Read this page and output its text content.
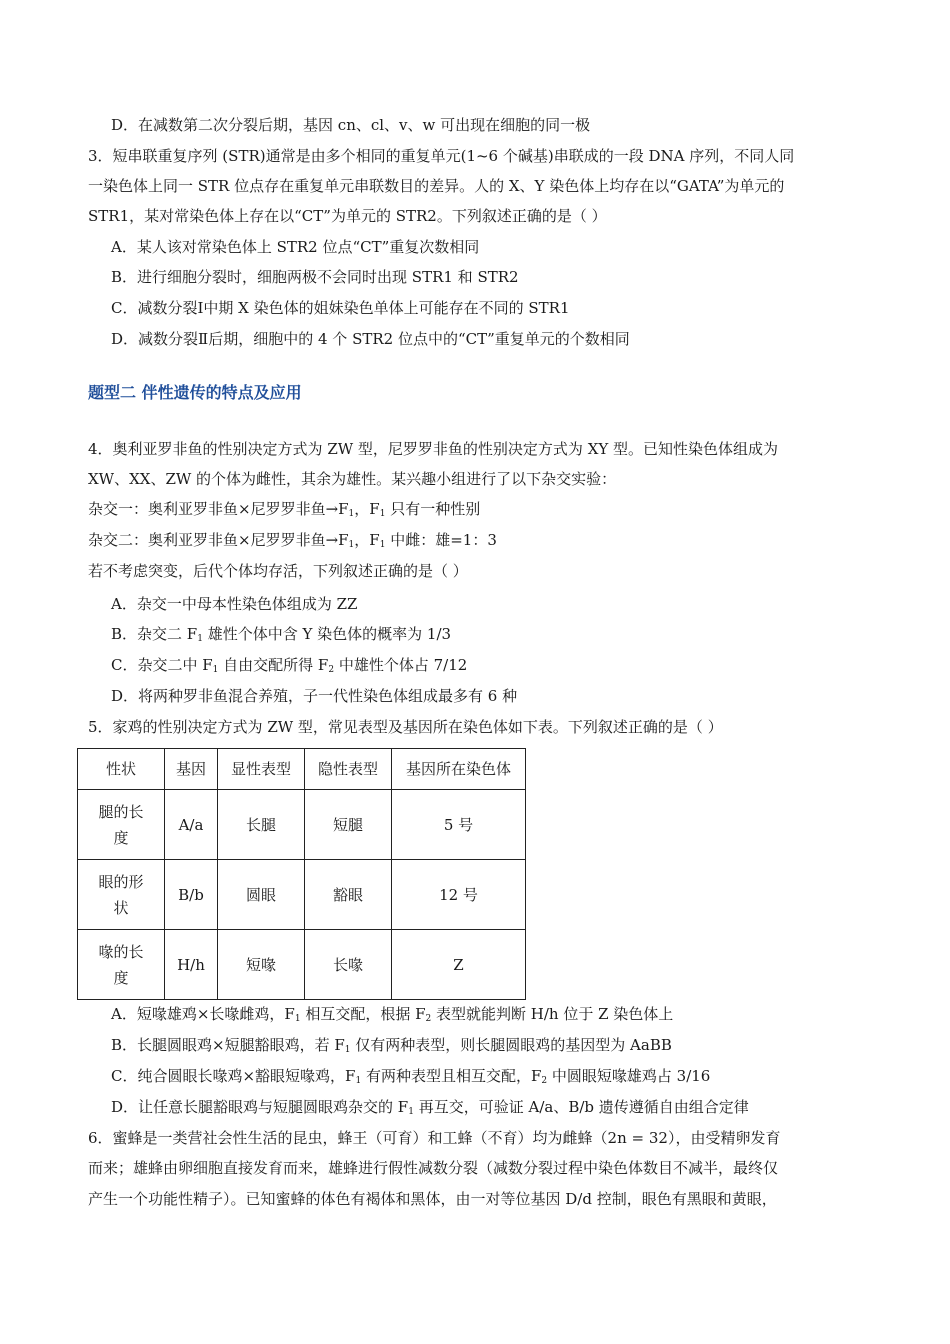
D．在减数第二次分裂后期，基因 cn、cl、v、w 可出现在细胞的同一极
3．短串联重复序列 (STR)通常是由多个相同的重复单元(1~6 个碱基)串联成的一段 DNA 序列，不同人同
一染色体上同一 STR 位点存在重复单元串联数目的差异。人的 X、Y 染色体上均存在以“GATA”为单元的
STR1，某对常染色体上存在以“CT”为单元的 STR2。下列叙述正确的是（ ）
A．某人该对常染色体上 STR2 位点“CT”重复次数相同
B．进行细胞分裂时，细胞两极不会同时出现 STR1 和 STR2
C．减数分裂Ⅰ中期 X 染色体的姐妹染色单体上可能存在不同的 STR1
D．减数分裂Ⅱ后期，细胞中的 4 个 STR2 位点中的“CT”重复单元的个数相同
题型二 伴性遗传的特点及应用
4．奥利亚罗非鱼的性别决定方式为 ZW 型，尼罗罗非鱼的性别决定方式为 XY 型。已知性染色体组成为
XW、XX、ZW 的个体为雌性，其余为雄性。某兴趣小组进行了以下杂交实验：
杂交一：奥利亚罗非鱼×尼罗罗非鱼$\to F_1$，$F_1$ 只有一种性别
杂交二：奥利亚罗非鱼×尼罗罗非鱼$\to F_1$，$F_1$ 中雌：雄=1：3
若不考虑突变，后代个体均存活，下列叙述正确的是（ ）
A．杂交一中母本性染色体组成为 ZZ
B．杂交二 $F_1$ 雄性个体中含 Y 染色体的概率为 1/3
C．杂交二中 $F_1$ 自由交配所得 $F_2$ 中雄性个体占 7/12
D．将两种罗非鱼混合养殖，子一代性染色体组成最多有 6 种
5．家鸡的性别决定方式为 ZW 型，常见表型及基因所在染色体如下表。下列叙述正确的是（ ）
性状	基因	显性表型	隐性表型	基因所在染色体
腿的长
度	A/a	长腿	短腿	5 号
眼的形
状	B/b	圆眼	豁眼	12 号
喙的长
度	H/h	短喙	长喙	Z
A．短喙雄鸡×长喙雌鸡，$F_1$ 相互交配，根据 $F_2$ 表型就能判断 H/h 位于 Z 染色体上
B．长腿圆眼鸡×短腿豁眼鸡，若 $F_1$ 仅有两种表型，则长腿圆眼鸡的基因型为 AaBB
C．纯合圆眼长喙鸡×豁眼短喙鸡，$F_1$ 有两种表型且相互交配，$F_2$ 中圆眼短喙雄鸡占 3/16
D．让任意长腿豁眼鸡与短腿圆眼鸡杂交的 $F_1$ 再互交，可验证 A/a、B/b 遗传遵循自由组合定律
6．蜜蜂是一类营社会性生活的昆虫，蜂王（可育）和工蜂（不育）均为雌蜂（2n = 32），由受精卵发育
而来；雄蜂由卵细胞直接发育而来，雄蜂进行假性减数分裂（减数分裂过程中染色体数目不减半，最终仅
产生一个功能性精子）。已知蜜蜂的体色有褐体和黑体，由一对等位基因 D/d 控制，眼色有黑眼和黄眼，
